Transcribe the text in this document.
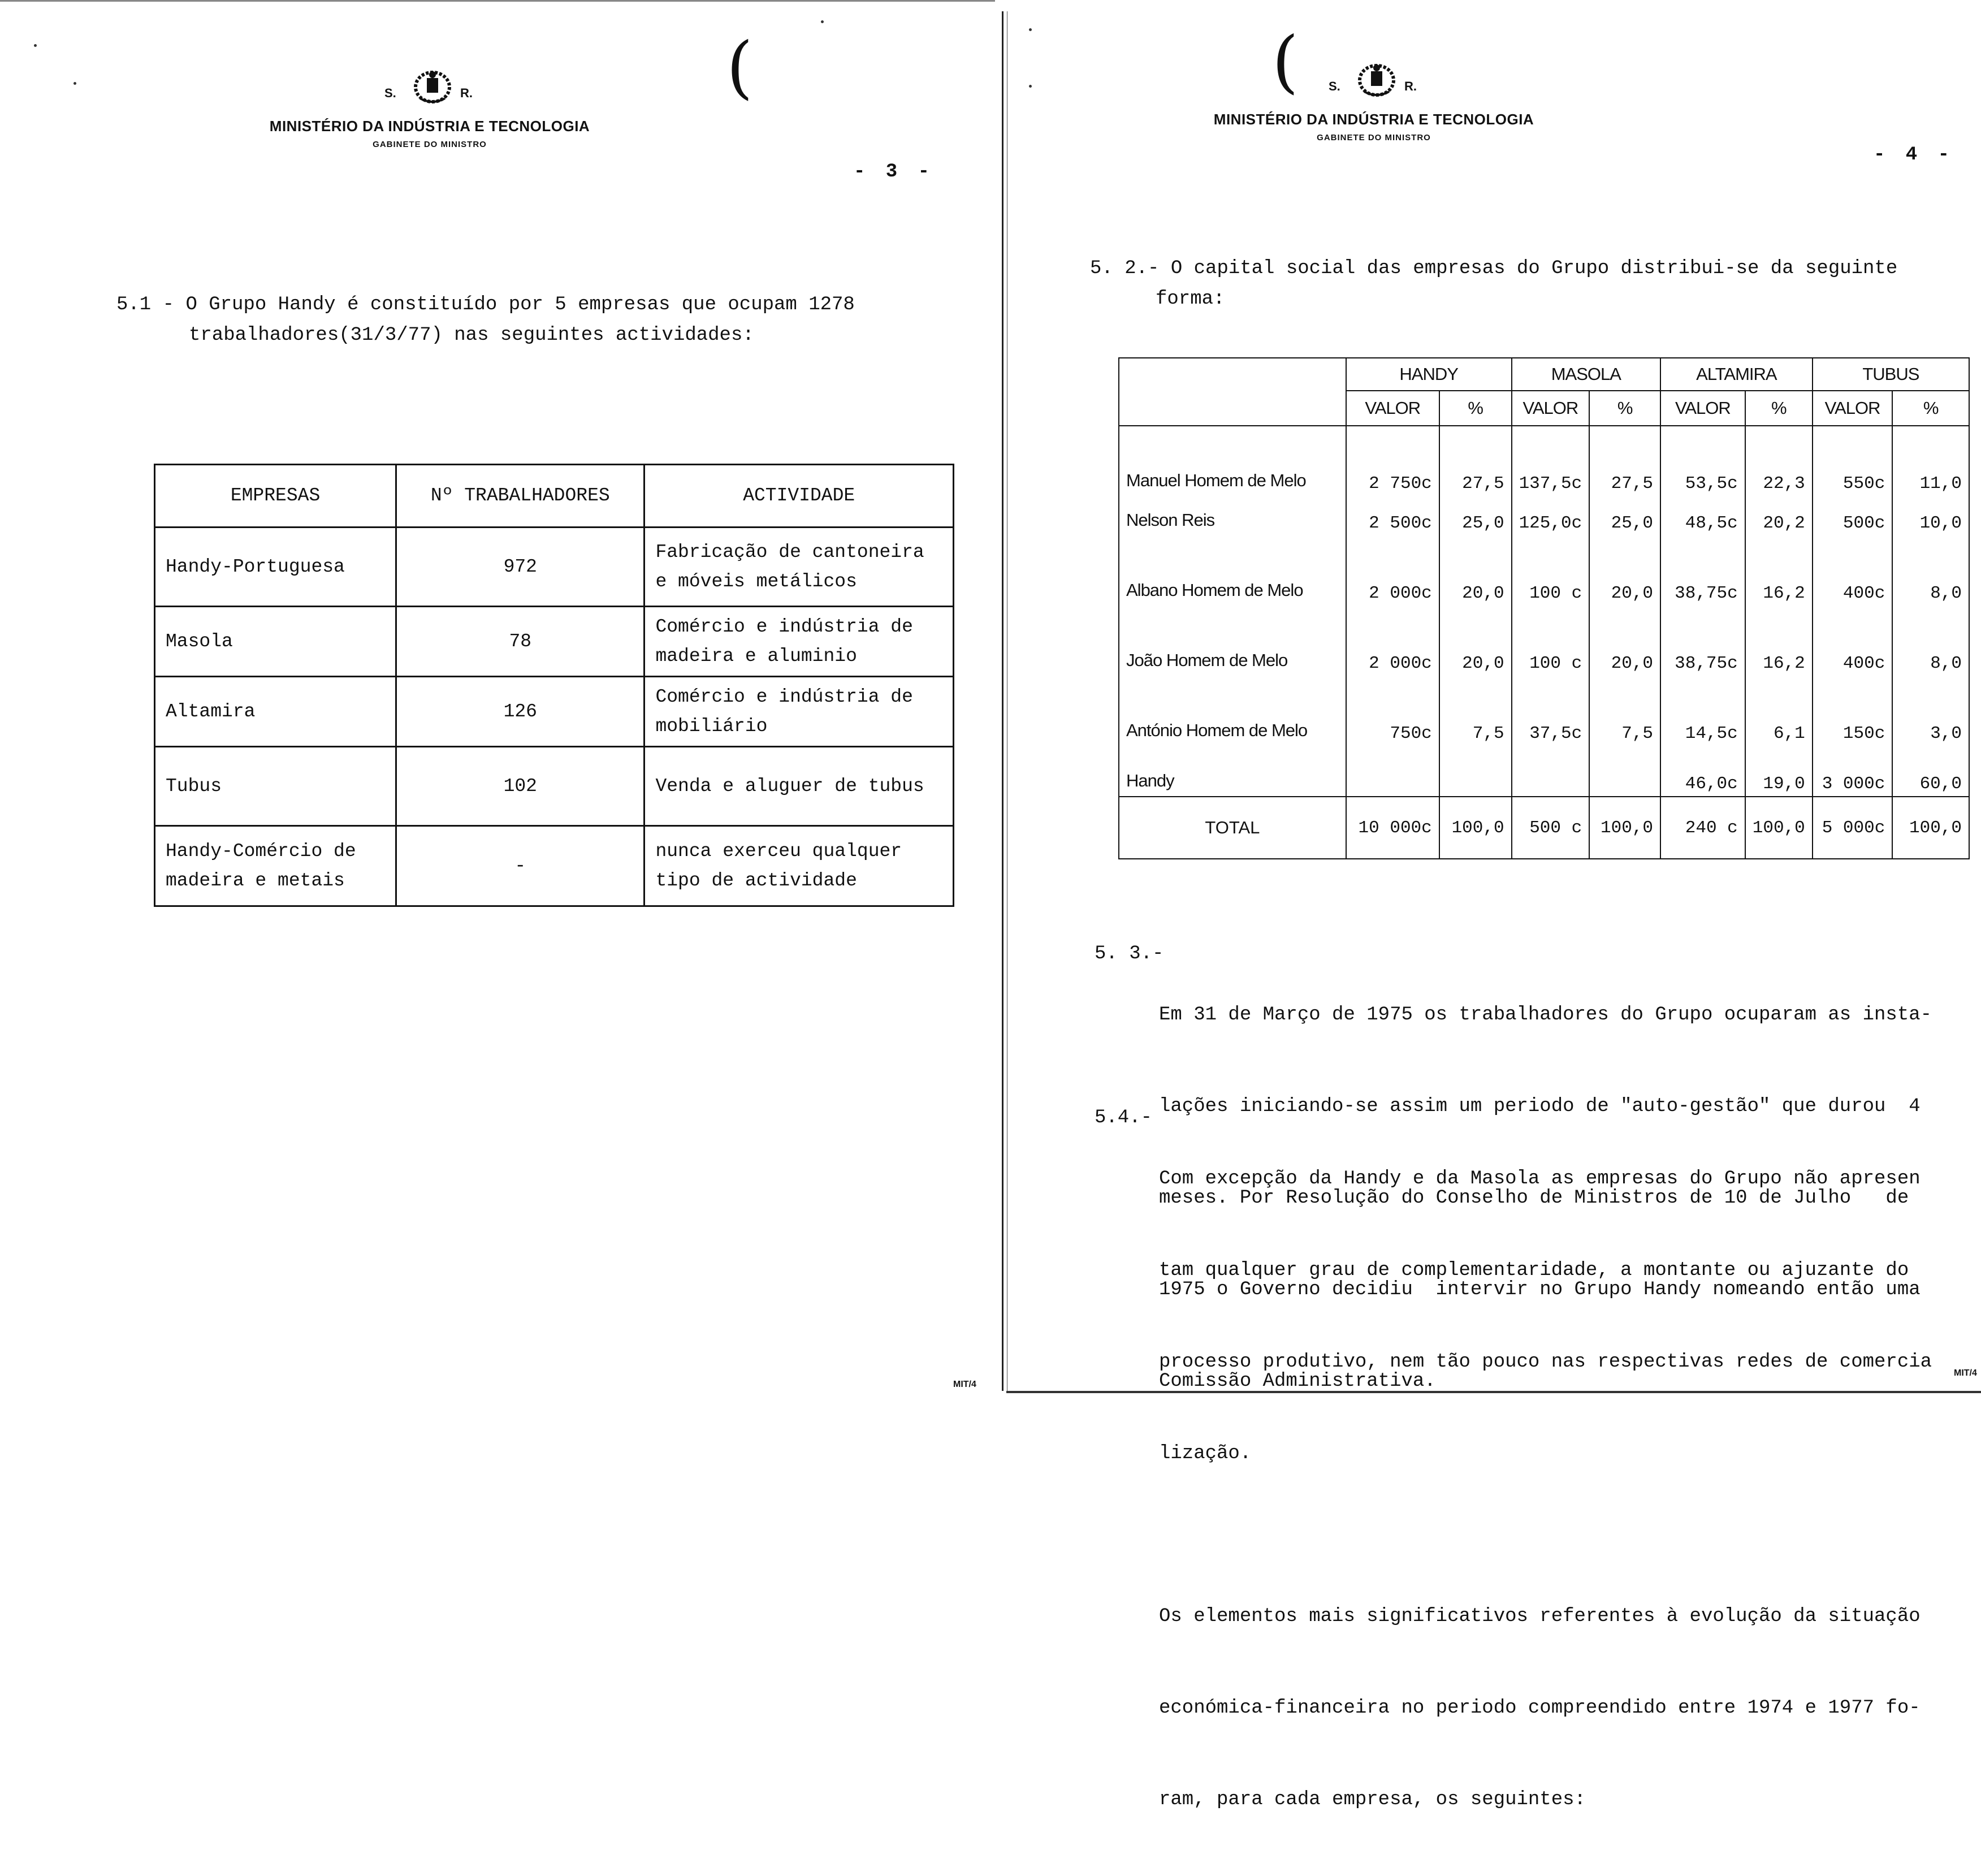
(
S.	R.
MINISTÉRIO DA INDÚSTRIA E TECNOLOGIA
GABINETE DO MINISTRO
- 3 -
5.1 - O Grupo Handy é constituído por 5 empresas que ocupam 1278
trabalhadores(31/3/77) nas seguintes actividades:
EMPRESAS	Nº TRABALHADORES	ACTIVIDADE
Handy-Portuguesa	972	Fabricação de cantoneira e móveis metálicos
Masola	78	Comércio e indústria de madeira e aluminio
Altamira	126	Comércio e indústria de mobiliário
Tubus	102	Venda e aluguer de tubus
Handy-Comércio de madeira e metais	-	nunca exerceu qualquer tipo de actividade
MIT/4
( S.	R.
MINISTÉRIO DA INDÚSTRIA E TECNOLOGIA
GABINETE DO MINISTRO
- 4 -
5. 2.- O capital social das empresas do Grupo distribui-se da seguinte
forma:
	HANDY		MASOLA		ALTAMIRA		TUBUS	
	VALOR	%	VALOR	%	VALOR	%	VALOR	%
Manuel Homem de Melo	2 750c	27,5	137,5c	27,5	53,5c	22,3	550c	11,0
Nelson Reis	2 500c	25,0	125,0c	25,0	48,5c	20,2	500c	10,0
Albano Homem de Melo	2 000c	20,0	100 c	20,0	38,75c	16,2	400c	8,0
João Homem de Melo	2 000c	20,0	100 c	20,0	38,75c	16,2	400c	8,0
António Homem de Melo	750c	7,5	37,5c	7,5	14,5c	6,1	150c	3,0
Handy					46,0c	19,0	3 000c	60,0
TOTAL	10 000c	100,0	500 c	100,0	240 c	100,0	5 000c	100,0
5. 3.-

Em 31 de Março de 1975 os trabalhadores do Grupo ocuparam as insta-

lações iniciando-se assim um periodo de "auto-gestão" que durou  4

meses. Por Resolução do Conselho de Ministros de 10 de Julho   de

1975 o Governo decidiu  intervir no Grupo Handy nomeando então uma

Comissão Administrativa.

5.4.-

Com excepção da Handy e da Masola as empresas do Grupo não apresen

tam qualquer grau de complementaridade, a montante ou ajuzante do

processo produtivo, nem tão pouco nas respectivas redes de comercia

lização.

Os elementos mais significativos referentes à evolução da situação

económica-financeira no periodo compreendido entre 1974 e 1977 fo-

ram, para cada empresa, os seguintes:

MIT/4
